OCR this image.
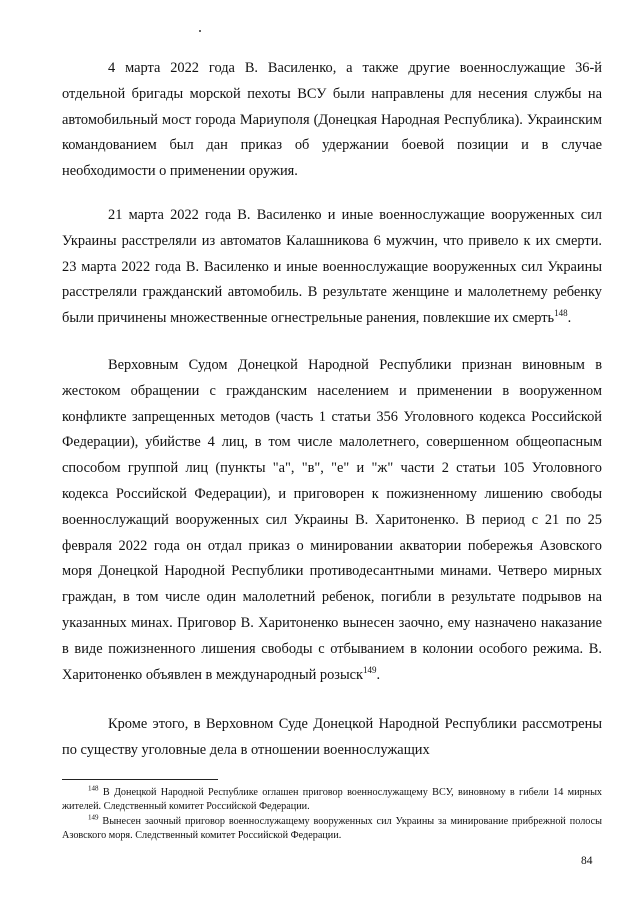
4 марта 2022 года В. Василенко, а также другие военнослужащие 36-й отдельной бригады морской пехоты ВСУ были направлены для несения службы на автомобильный мост города Мариуполя (Донецкая Народная Республика). Украинским командованием был дан приказ об удержании боевой позиции и в случае необходимости о применении оружия.

21 марта 2022 года В. Василенко и иные военнослужащие вооруженных сил Украины расстреляли из автоматов Калашникова 6 мужчин, что привело к их смерти. 23 марта 2022 года В. Василенко и иные военнослужащие вооруженных сил Украины расстреляли гражданский автомобиль. В результате женщине и малолетнему ребенку были причинены множественные огнестрельные ранения, повлекшие их смерть$^{148}$.

Верховным Судом Донецкой Народной Республики признан виновным в жестоком обращении с гражданским населением и применении в вооруженном конфликте запрещенных методов (часть 1 статьи 356 Уголовного кодекса Российской Федерации), убийстве 4 лиц, в том числе малолетнего, совершенном общеопасным способом группой лиц (пункты "а", "в", "е" и "ж" части 2 статьи 105 Уголовного кодекса Российской Федерации), и приговорен к пожизненному лишению свободы военнослужащий вооруженных сил Украины В. Харитоненко. В период с 21 по 25 февраля 2022 года он отдал приказ о минировании акватории побережья Азовского моря Донецкой Народной Республики противодесантными минами. Четверо мирных граждан, в том числе один малолетний ребенок, погибли в результате подрывов на указанных минах. Приговор В. Харитоненко вынесен заочно, ему назначено наказание в виде пожизненного лишения свободы с отбыванием в колонии особого режима. В. Харитоненко объявлен в международный розыск$^{149}$.

Кроме этого, в Верховном Суде Донецкой Народной Республики рассмотрены по существу уголовные дела в отношении военнослужащих

$^{148}$ В Донецкой Народной Республике оглашен приговор военнослужащему ВСУ, виновному в гибели 14 мирных жителей. Следственный комитет Российской Федерации.

$^{149}$ Вынесен заочный приговор военнослужащему вооруженных сил Украины за минирование прибрежной полосы Азовского моря. Следственный комитет Российской Федерации.

84
